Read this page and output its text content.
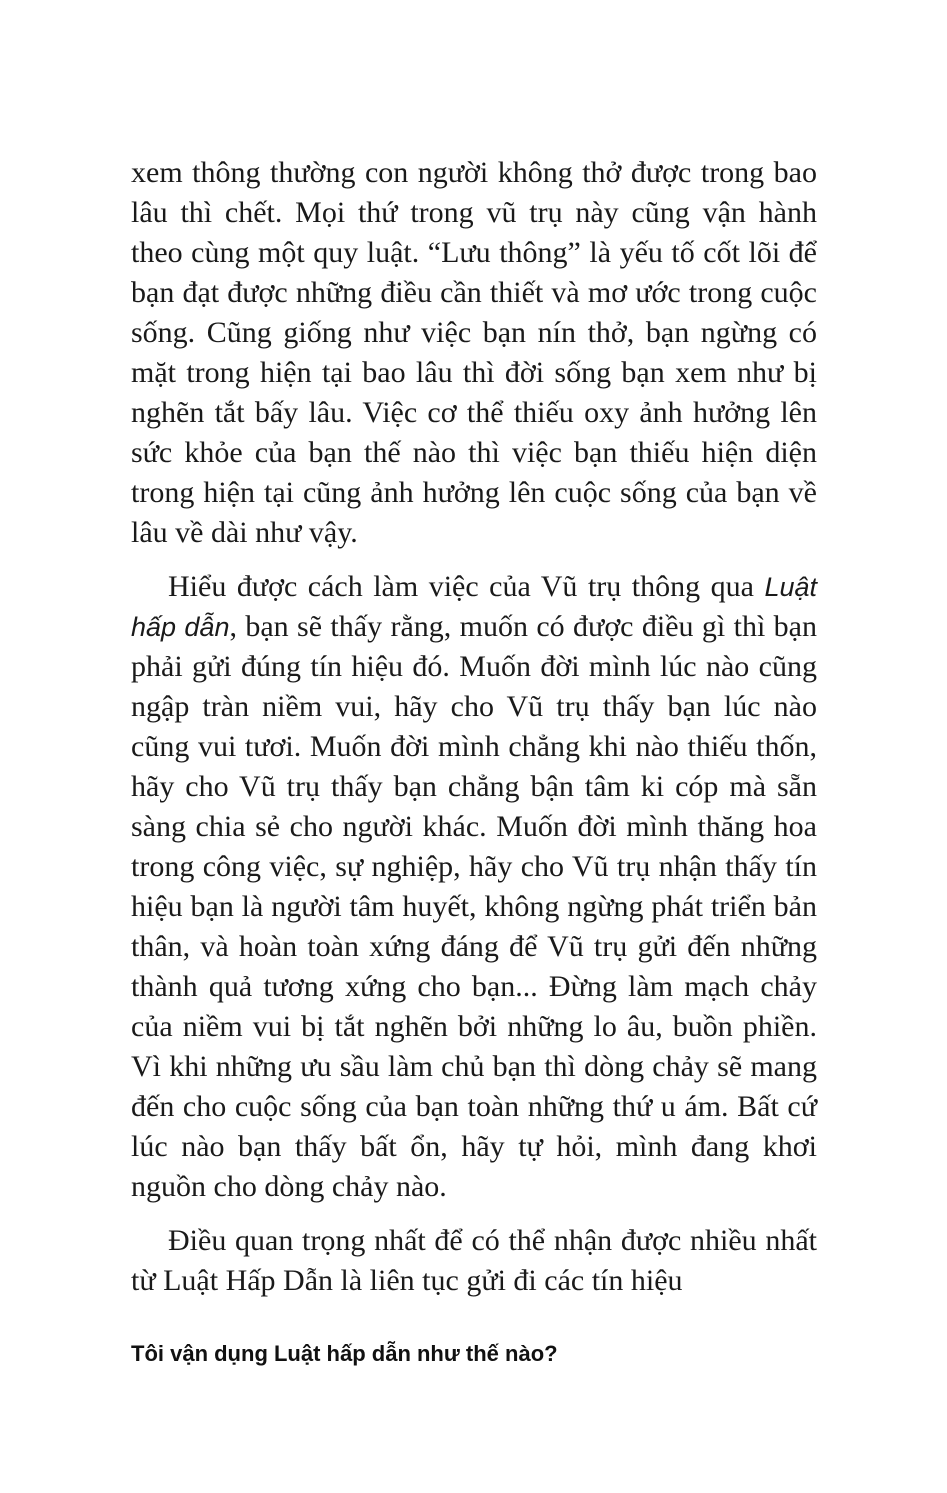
xem thông thường con người không thở được trong bao lâu thì chết. Mọi thứ trong vũ trụ này cũng vận hành theo cùng một quy luật. “Lưu thông” là yếu tố cốt lõi để bạn đạt được những điều cần thiết và mơ ước trong cuộc sống. Cũng giống như việc bạn nín thở, bạn ngừng có mặt trong hiện tại bao lâu thì đời sống bạn xem như bị nghẽn tắt bấy lâu. Việc cơ thể thiếu oxy ảnh hưởng lên sức khỏe của bạn thế nào thì việc bạn thiếu hiện diện trong hiện tại cũng ảnh hưởng lên cuộc sống của bạn về lâu về dài như vậy.

Hiểu được cách làm việc của Vũ trụ thông qua Luật hấp dẫn, bạn sẽ thấy rằng, muốn có được điều gì thì bạn phải gửi đúng tín hiệu đó. Muốn đời mình lúc nào cũng ngập tràn niềm vui, hãy cho Vũ trụ thấy bạn lúc nào cũng vui tươi. Muốn đời mình chẳng khi nào thiếu thốn, hãy cho Vũ trụ thấy bạn chẳng bận tâm ki cóp mà sẵn sàng chia sẻ cho người khác. Muốn đời mình thăng hoa trong công việc, sự nghiệp, hãy cho Vũ trụ nhận thấy tín hiệu bạn là người tâm huyết, không ngừng phát triển bản thân, và hoàn toàn xứng đáng để Vũ trụ gửi đến những thành quả tương xứng cho bạn... Đừng làm mạch chảy của niềm vui bị tắt nghẽn bởi những lo âu, buồn phiền. Vì khi những ưu sầu làm chủ bạn thì dòng chảy sẽ mang đến cho cuộc sống của bạn toàn những thứ u ám. Bất cứ lúc nào bạn thấy bất ổn, hãy tự hỏi, mình đang khơi nguồn cho dòng chảy nào.

Điều quan trọng nhất để có thể nhận được nhiều nhất từ Luật Hấp Dẫn là liên tục gửi đi các tín hiệu

Tôi vận dụng Luật hấp dẫn như thế nào?
